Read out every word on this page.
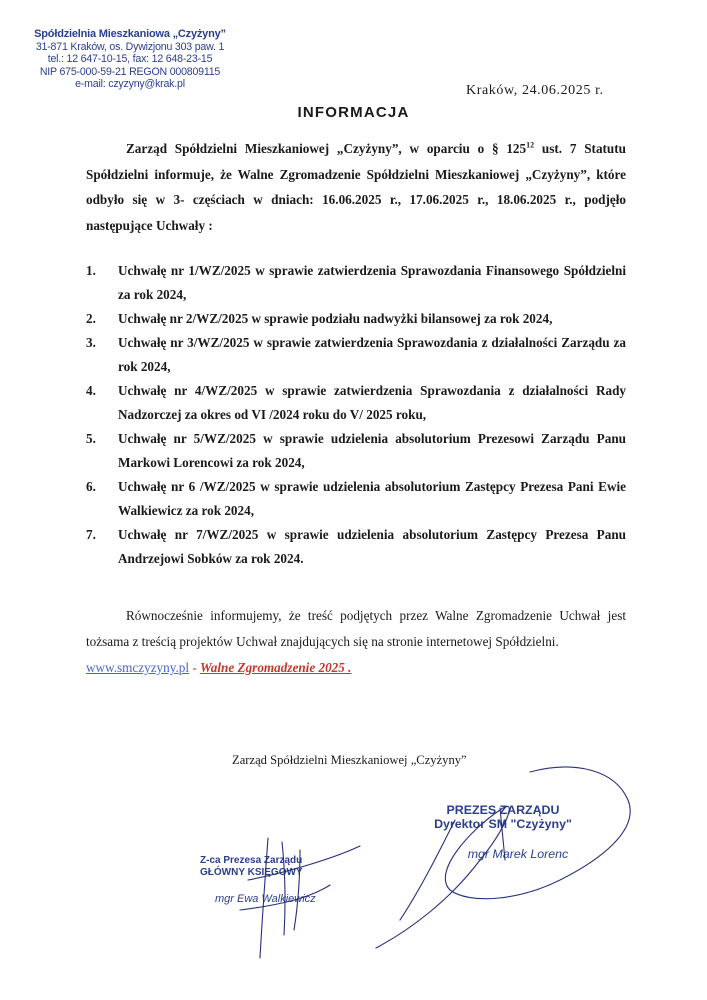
Spółdzielnia Mieszkaniowa „Czyżyny”
31-871 Kraków, os. Dywizjonu 303 paw. 1
tel.: 12 647-10-15, fax: 12 648-23-15
NIP 675-000-59-21 REGON 000809115
e-mail: czyzyny@krak.pl	Kraków, 24.06.2025 r.
INFORMACJA
Zarząd Spółdzielni Mieszkaniowej „Czyżyny”, w oparciu o § $125^{12}$ ust. 7 Statutu Spółdzielni informuje, że Walne Zgromadzenie Spółdzielni Mieszkaniowej „Czyżyny”, które odbyło się w 3- częściach w dniach: 16.06.2025 r., 17.06.2025 r., 18.06.2025 r., podjęło następujące Uchwały :
1. Uchwałę nr 1/WZ/2025 w sprawie zatwierdzenia Sprawozdania Finansowego Spółdzielni za rok 2024,
2. Uchwałę nr 2/WZ/2025 w sprawie podziału nadwyżki bilansowej za rok 2024,
3. Uchwałę nr 3/WZ/2025 w sprawie zatwierdzenia Sprawozdania z działalności Zarządu za rok 2024,
4. Uchwałę nr 4/WZ/2025 w sprawie zatwierdzenia Sprawozdania z działalności Rady Nadzorczej za okres od VI /2024 roku do V/ 2025 roku,
5. Uchwałę nr 5/WZ/2025 w sprawie udzielenia absolutorium Prezesowi Zarządu Panu Markowi Lorencowi za rok 2024,
6. Uchwałę nr 6 /WZ/2025 w sprawie udzielenia absolutorium Zastępcy Prezesa Pani Ewie Walkiewicz za rok 2024,
7. Uchwałę nr 7/WZ/2025 w sprawie udzielenia absolutorium Zastępcy Prezesa Panu Andrzejowi Sobków za rok 2024.
Równocześnie informujemy, że treść podjętych przez Walne Zgromadzenie Uchwał jest tożsama z treścią projektów Uchwał znajdujących się na stronie internetowej Spółdzielni.
www.smczyzyny.pl - Walne Zgromadzenie 2025 .
Zarząd Spółdzielni Mieszkaniowej „Czyżyny”
PREZES ZARZĄDU
Dyrektor SM "Czyżyny"
mgr Marek Lorenc
Z-ca Prezesa Zarządu
GŁÓWNY KSIĘGOWY
mgr Ewa Walkiewicz
